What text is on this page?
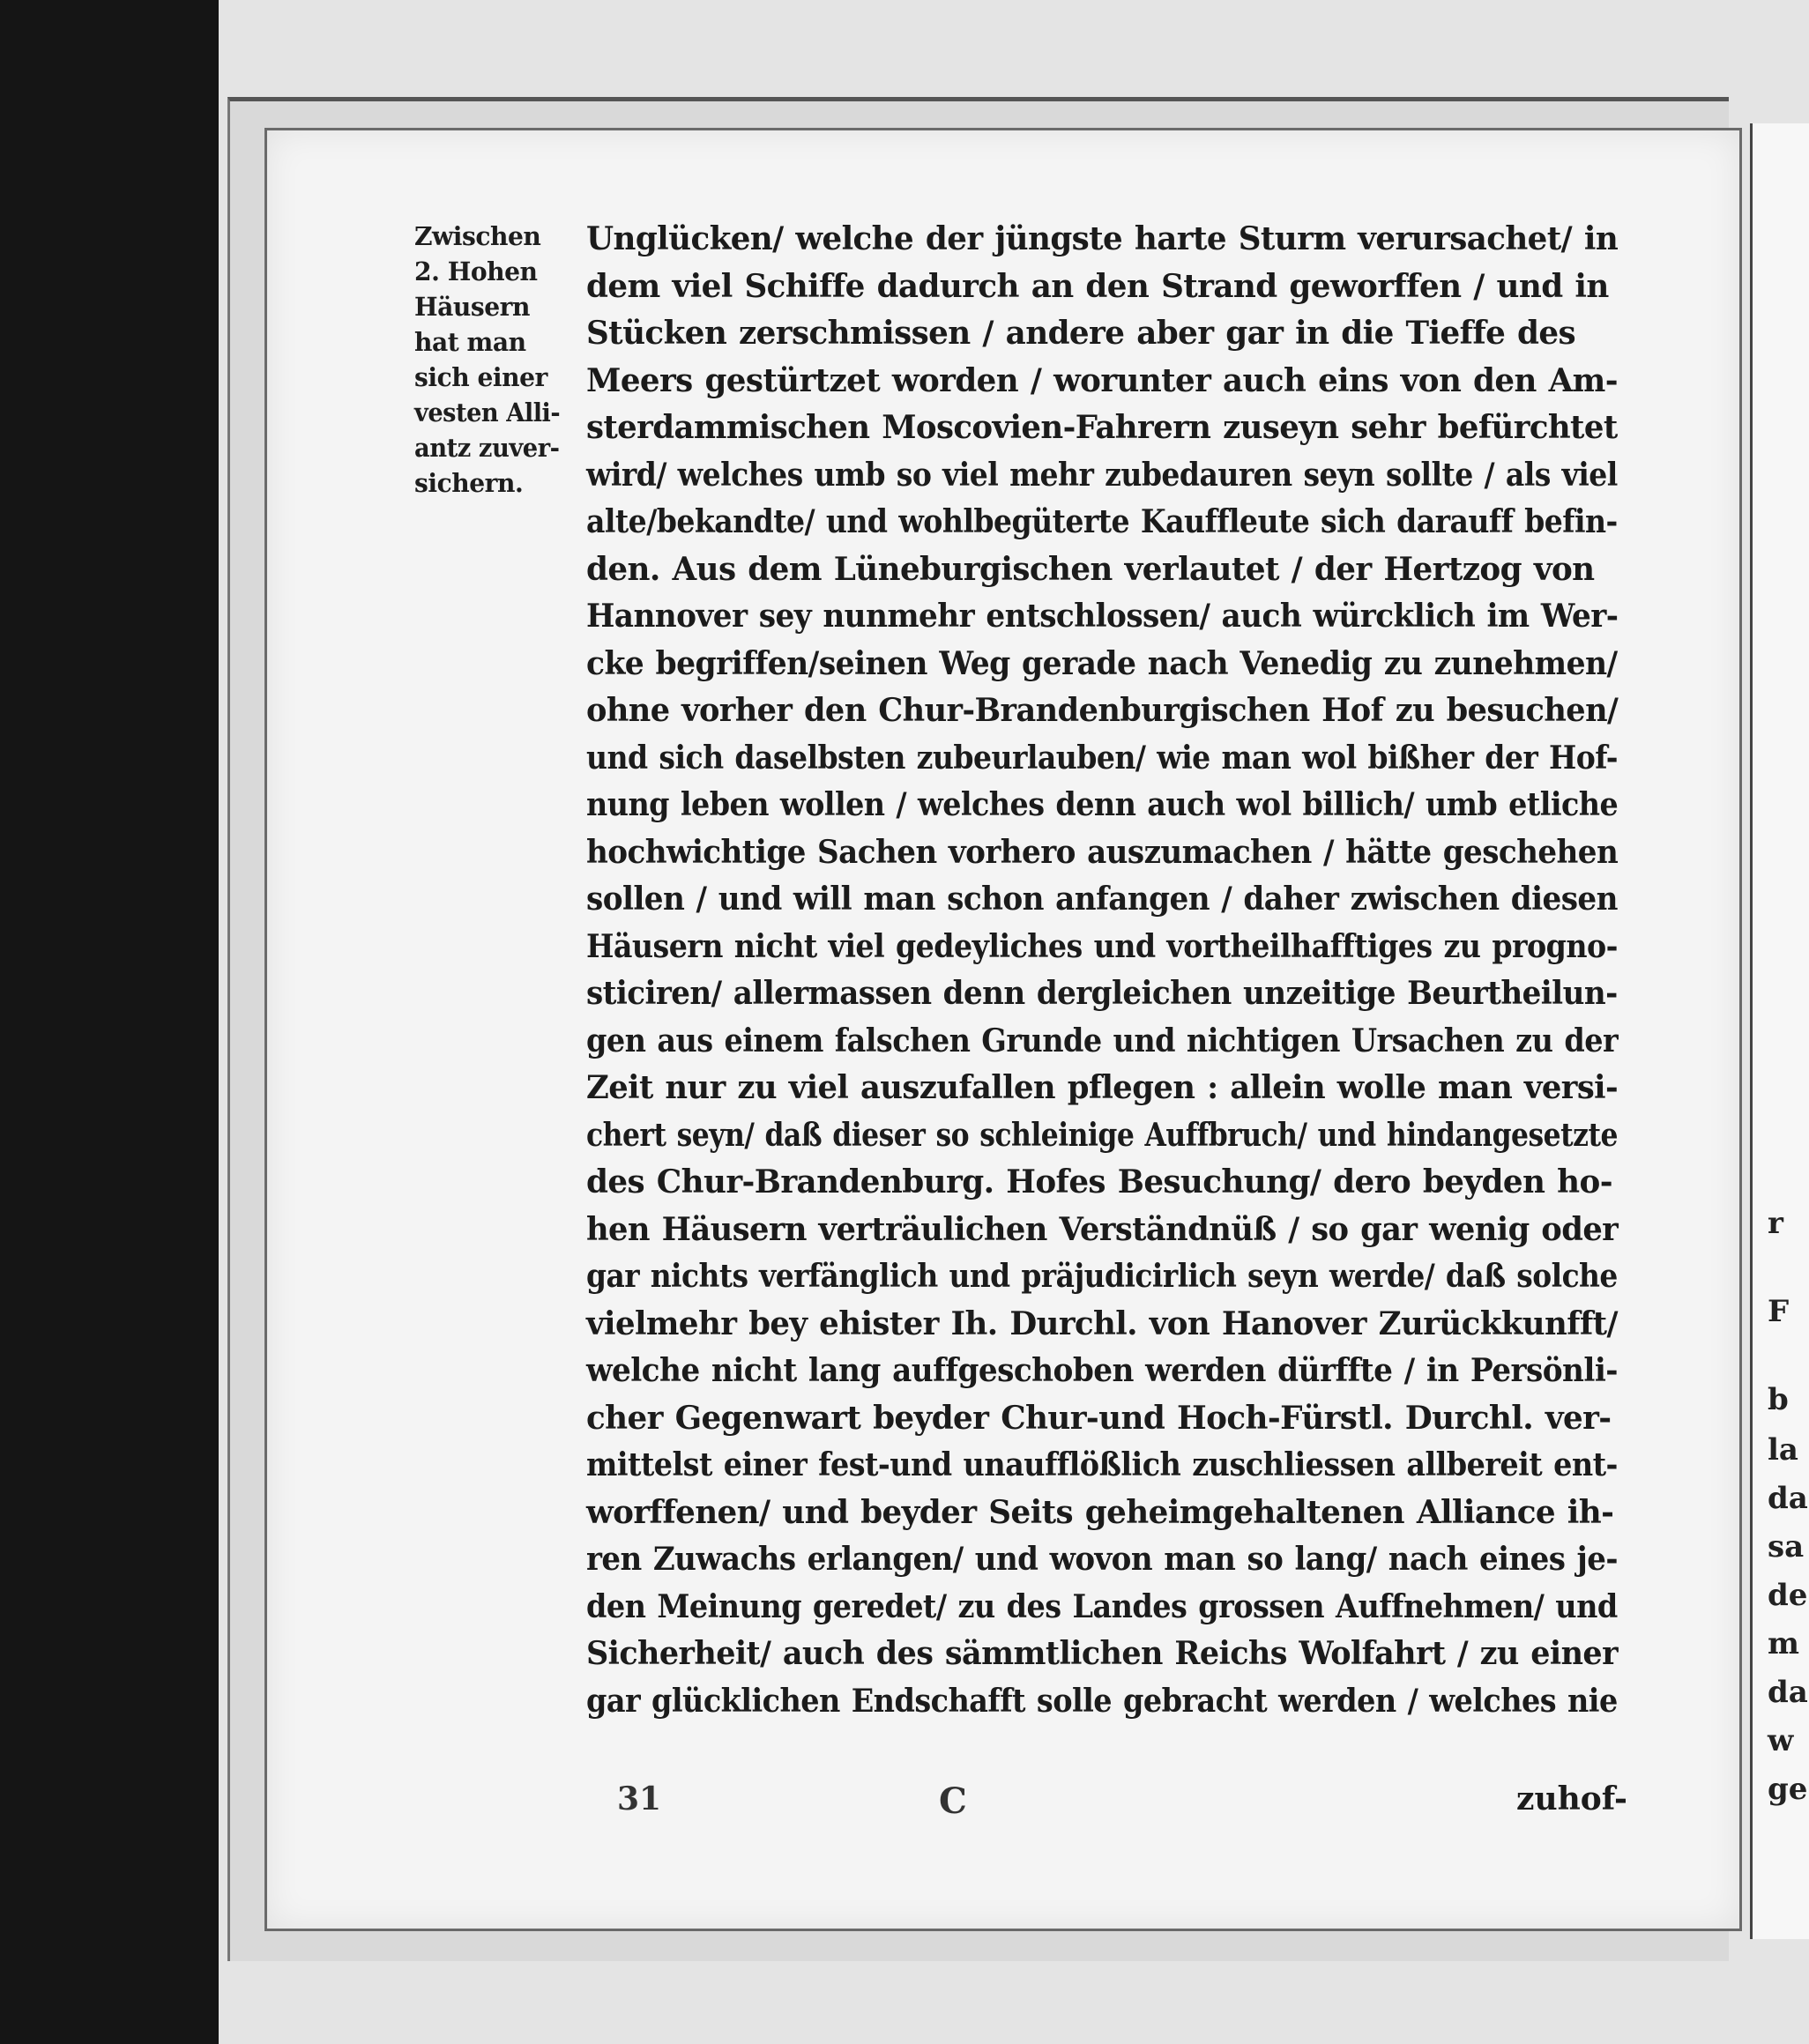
Zwischen
2. Hohen
Häusern
hat man
sich einer
vesten Alli-
antz zuver-
sichern.
Unglücken/ welche der jüngste harte Sturm verursachet/ in
dem viel Schiffe dadurch an den Strand geworffen / und in
Stücken zerschmissen / andere aber gar in die Tieffe des
Meers gestürtzet worden / worunter auch eins von den Am-
sterdammischen Moscovien-Fahrern zuseyn sehr befürchtet
wird/ welches umb so viel mehr zubedauren seyn sollte / als viel
alte/bekandte/ und wohlbegüterte Kauffleute sich darauff befin-
den. Aus dem Lüneburgischen verlautet / der Hertzog von
Hannover sey nunmehr entschlossen/ auch würcklich im Wer-
cke begriffen/seinen Weg gerade nach Venedig zu zunehmen/
ohne vorher den Chur-Brandenburgischen Hof zu besuchen/
und sich daselbsten zubeurlauben/ wie man wol bißher der Hof-
nung leben wollen / welches denn auch wol billich/ umb etliche
hochwichtige Sachen vorhero auszumachen / hätte geschehen
sollen / und will man schon anfangen / daher zwischen diesen
Häusern nicht viel gedeyliches und vortheilhafftiges zu progno-
sticiren/ allermassen denn dergleichen unzeitige Beurtheilun-
gen aus einem falschen Grunde und nichtigen Ursachen zu der
Zeit nur zu viel auszufallen pflegen : allein wolle man versi-
chert seyn/ daß dieser so schleinige Auffbruch/ und hindangesetzte
des Chur-Brandenburg. Hofes Besuchung/ dero beyden ho-
hen Häusern verträulichen Verständnüß / so gar wenig oder
gar nichts verfänglich und präjudicirlich seyn werde/ daß solche
vielmehr bey ehister Ih. Durchl. von Hanover Zurückkunfft/
welche nicht lang auffgeschoben werden dürffte / in Persönli-
cher Gegenwart beyder Chur-und Hoch-Fürstl. Durchl. ver-
mittelst einer fest-und unaufflößlich zuschliessen allbereit ent-
worffenen/ und beyder Seits geheimgehaltenen Alliance ih-
ren Zuwachs erlangen/ und wovon man so lang/ nach eines je-
den Meinung geredet/ zu des Landes grossen Auffnehmen/ und
Sicherheit/ auch des sämmtlichen Reichs Wolfahrt / zu einer
gar glücklichen Endschafft solle gebracht werden / welches nie
31	C	zuhof-
r
F
b
la
da
sa
de
m
da
w
ge
